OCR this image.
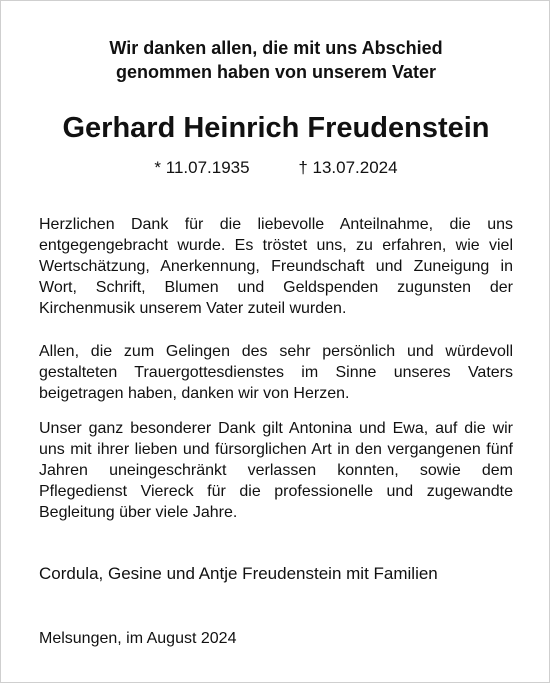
Wir danken allen, die mit uns Abschied
genommen haben von unserem Vater
Gerhard Heinrich Freudenstein
* 11.07.1935	† 13.07.2024
Herzlichen Dank für die liebevolle Anteilnahme, die uns entgegengebracht wurde. Es tröstet uns, zu erfahren, wie viel Wertschätzung, Anerkennung, Freundschaft und Zuneigung in Wort, Schrift, Blumen und Geldspenden zugunsten der Kirchenmusik unserem Vater zuteil wurden.
Allen, die zum Gelingen des sehr persönlich und würdevoll gestalteten Trauergottesdienstes im Sinne unseres Vaters beigetragen haben, danken wir von Herzen.
Unser ganz besonderer Dank gilt Antonina und Ewa, auf die wir uns mit ihrer lieben und fürsorglichen Art in den vergangenen fünf Jahren uneingeschränkt verlassen konnten, sowie dem Pflegedienst Viereck für die professionelle und zugewandte Begleitung über viele Jahre.
Cordula, Gesine und Antje Freudenstein mit Familien
Melsungen, im August 2024
